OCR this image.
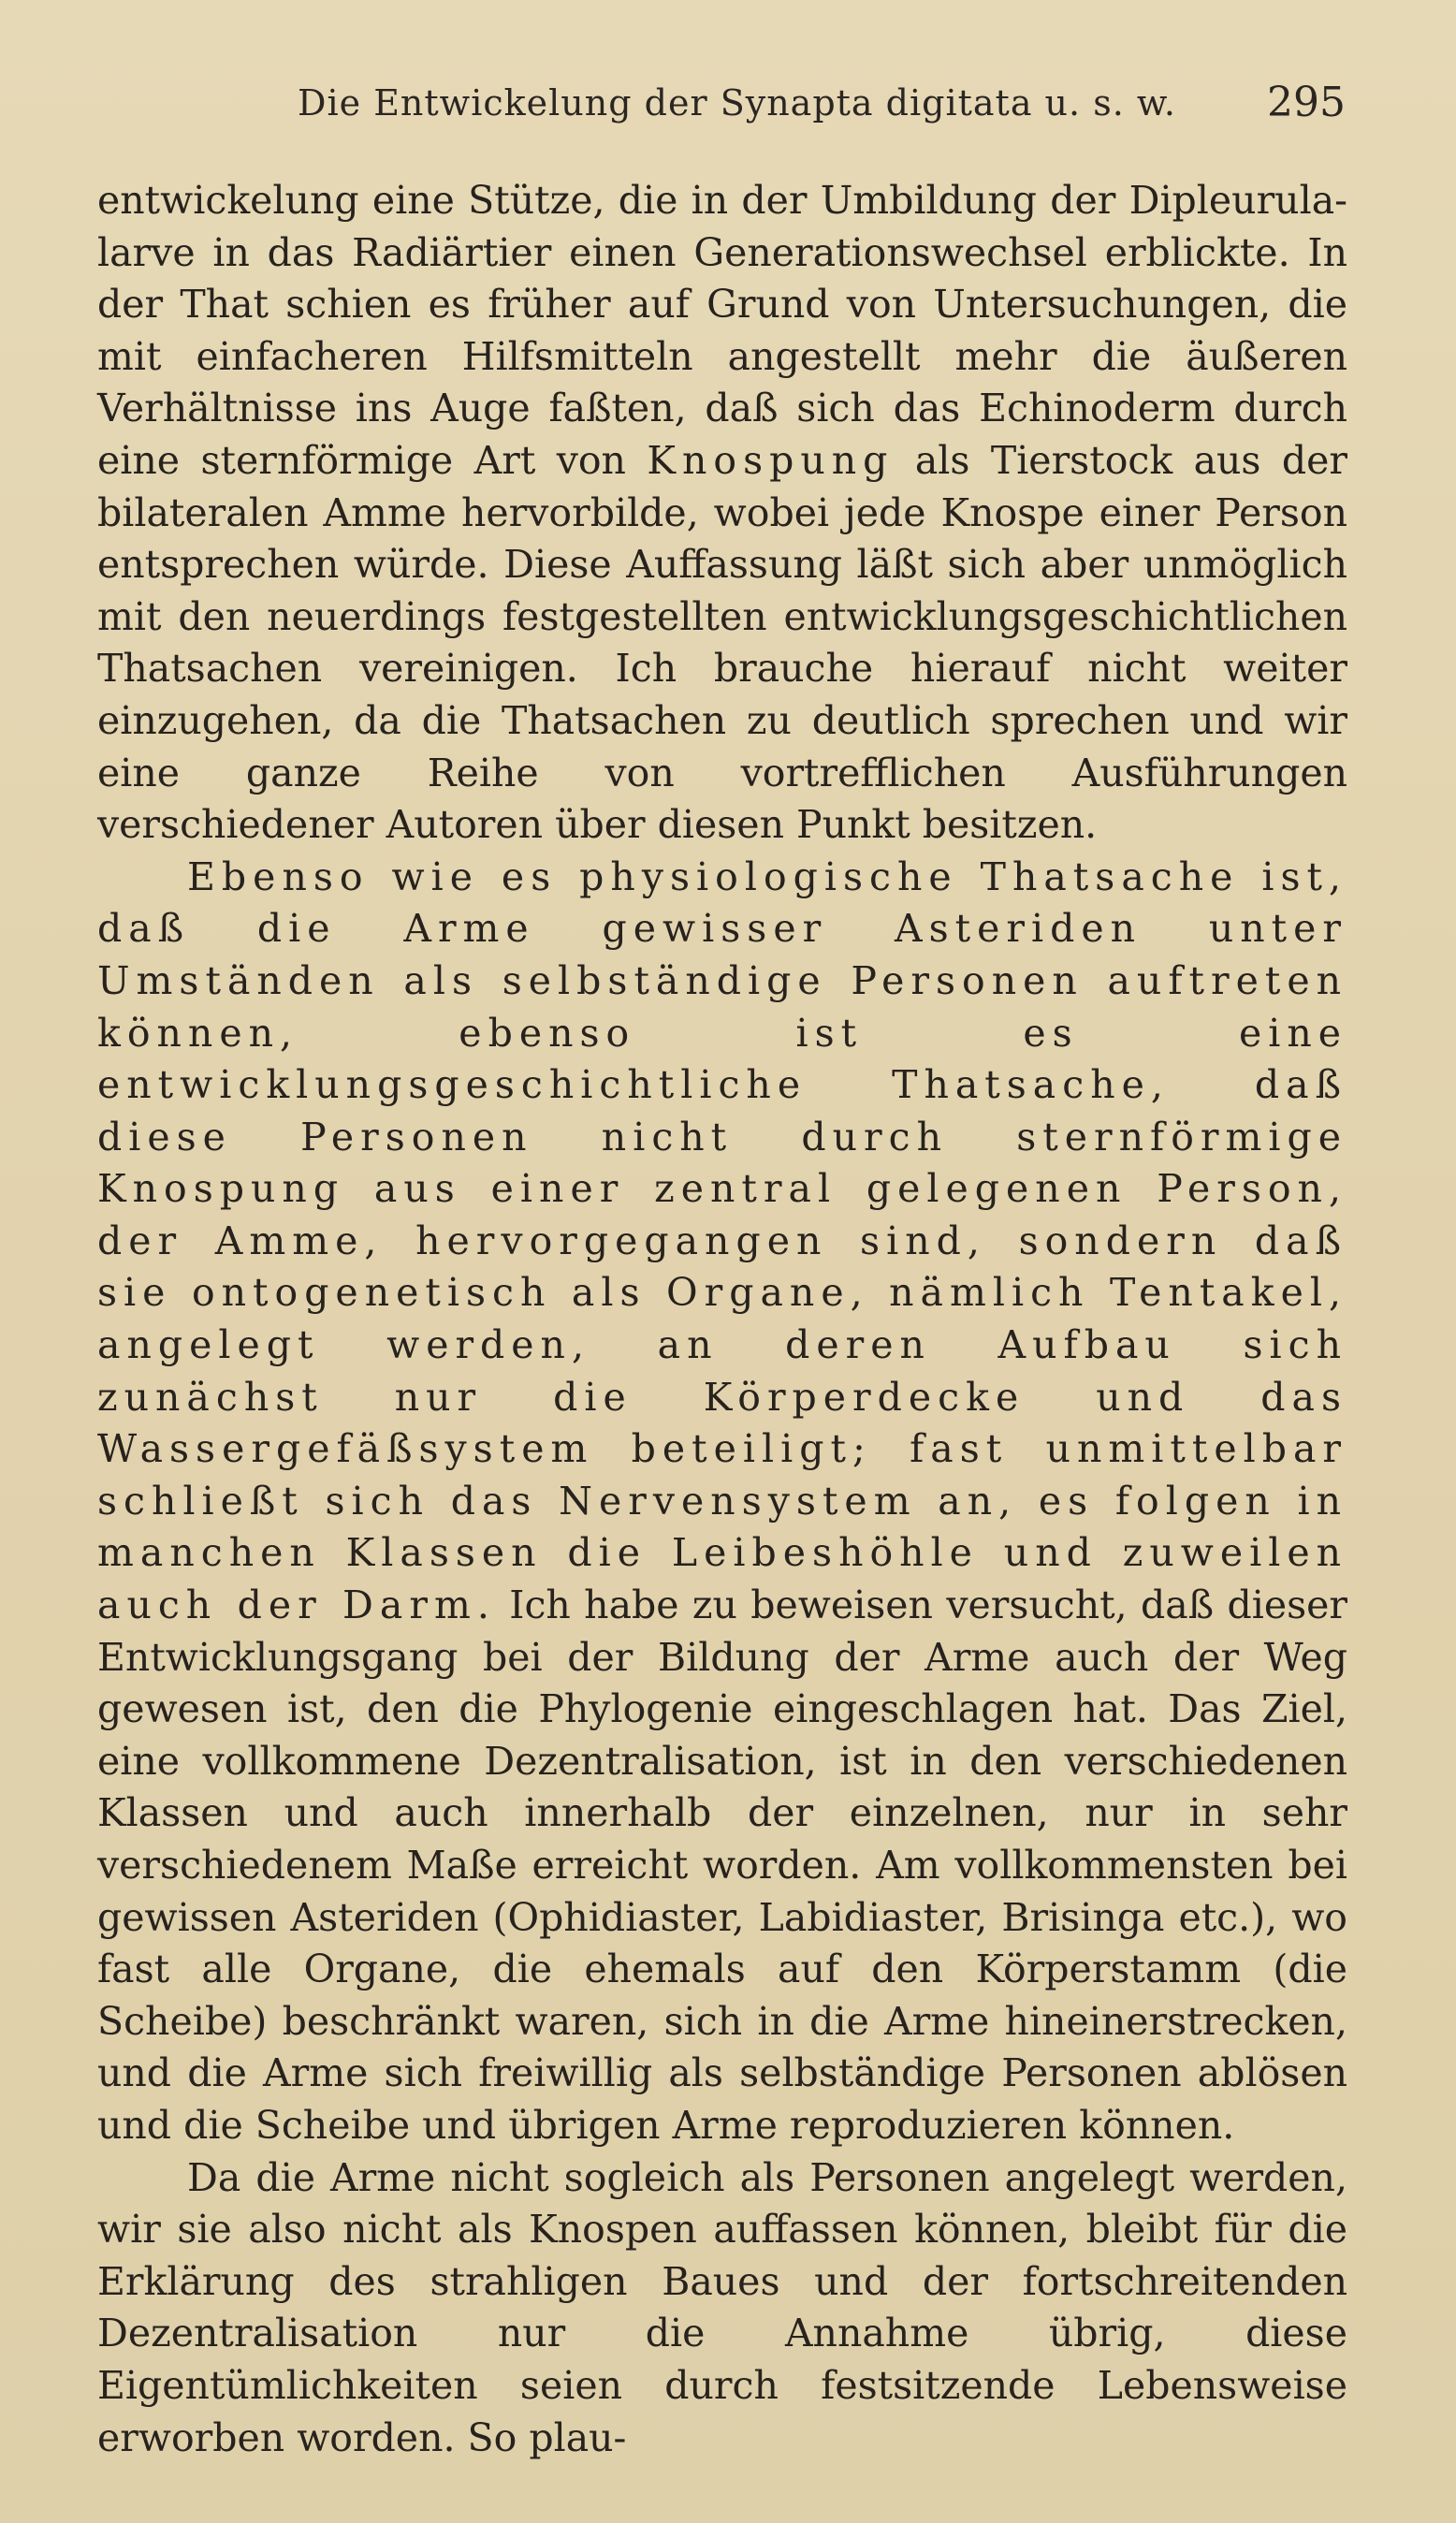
Die Entwickelung der Synapta digitata u. s. w. 295

entwickelung eine Stütze, die in der Umbildung der Dipleurula-larve in das Radiärtier einen Generationswechsel erblickte. In der That schien es früher auf Grund von Untersuchungen, die mit einfacheren Hilfsmitteln angestellt mehr die äußeren Verhältnisse ins Auge faßten, daß sich das Echinoderm durch eine sternförmige Art von Knospung als Tierstock aus der bilateralen Amme hervorbilde, wobei jede Knospe einer Person entsprechen würde. Diese Auffassung läßt sich aber unmöglich mit den neuerdings festgestellten entwicklungsgeschichtlichen Thatsachen vereinigen. Ich brauche hierauf nicht weiter einzugehen, da die Thatsachen zu deutlich sprechen und wir eine ganze Reihe von vortrefflichen Ausführungen verschiedener Autoren über diesen Punkt besitzen.

Ebenso wie es physiologische Thatsache ist, daß die Arme gewisser Asteriden unter Umständen als selbständige Personen auftreten können, ebenso ist es eine entwicklungsgeschichtliche Thatsache, daß diese Personen nicht durch sternförmige Knospung aus einer zentral gelegenen Person, der Amme, hervorgegangen sind, sondern daß sie ontogenetisch als Organe, nämlich Tentakel, angelegt werden, an deren Aufbau sich zunächst nur die Körperdecke und das Wassergefäßsystem beteiligt; fast unmittelbar schließt sich das Nervensystem an, es folgen in manchen Klassen die Leibeshöhle und zuweilen auch der Darm. Ich habe zu beweisen versucht, daß dieser Entwicklungsgang bei der Bildung der Arme auch der Weg gewesen ist, den die Phylogenie eingeschlagen hat. Das Ziel, eine vollkommene Dezentralisation, ist in den verschiedenen Klassen und auch innerhalb der einzelnen, nur in sehr verschiedenem Maße erreicht worden. Am vollkommensten bei gewissen Asteriden (Ophidiaster, Labidiaster, Brisinga etc.), wo fast alle Organe, die ehemals auf den Körperstamm (die Scheibe) beschränkt waren, sich in die Arme hineinerstrecken, und die Arme sich freiwillig als selbständige Personen ablösen und die Scheibe und übrigen Arme reproduzieren können.

Da die Arme nicht sogleich als Personen angelegt werden, wir sie also nicht als Knospen auffassen können, bleibt für die Erklärung des strahligen Baues und der fortschreitenden Dezentralisation nur die Annahme übrig, diese Eigentümlichkeiten seien durch festsitzende Lebensweise erworben worden. So plau-
